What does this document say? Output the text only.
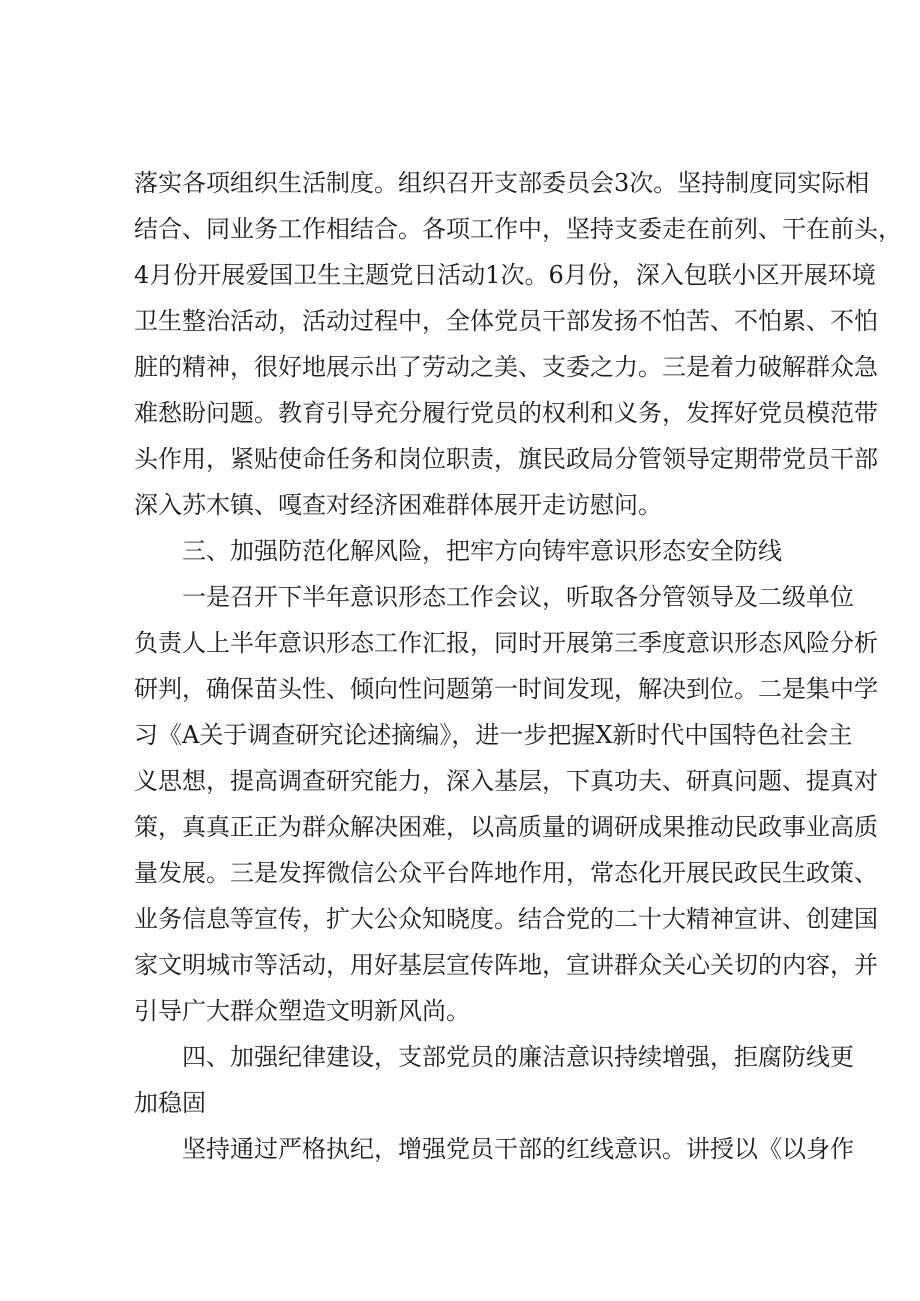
落实各项组织生活制度。组织召开支部委员会3次。坚持制度同实际相
结合、同业务工作相结合。各项工作中，坚持支委走在前列、干在前头，
4月份开展爱国卫生主题党日活动1次。6月份，深入包联小区开展环境
卫生整治活动，活动过程中，全体党员干部发扬不怕苦、不怕累、不怕
脏的精神，很好地展示出了劳动之美、支委之力。三是着力破解群众急
难愁盼问题。教育引导充分履行党员的权利和义务，发挥好党员模范带
头作用，紧贴使命任务和岗位职责，旗民政局分管领导定期带党员干部
深入苏木镇、嘎查对经济困难群体展开走访慰问。
三、加强防范化解风险，把牢方向铸牢意识形态安全防线
一是召开下半年意识形态工作会议，听取各分管领导及二级单位
负责人上半年意识形态工作汇报，同时开展第三季度意识形态风险分析
研判，确保苗头性、倾向性问题第一时间发现，解决到位。二是集中学
习《A关于调查研究论述摘编》，进一步把握X新时代中国特色社会主
义思想，提高调查研究能力，深入基层，下真功夫、研真问题、提真对
策，真真正正为群众解决困难，以高质量的调研成果推动民政事业高质
量发展。三是发挥微信公众平台阵地作用，常态化开展民政民生政策、
业务信息等宣传，扩大公众知晓度。结合党的二十大精神宣讲、创建国
家文明城市等活动，用好基层宣传阵地，宣讲群众关心关切的内容，并
引导广大群众塑造文明新风尚。
四、加强纪律建设，支部党员的廉洁意识持续增强，拒腐防线更
加稳固
坚持通过严格执纪，增强党员干部的红线意识。讲授以《以身作
